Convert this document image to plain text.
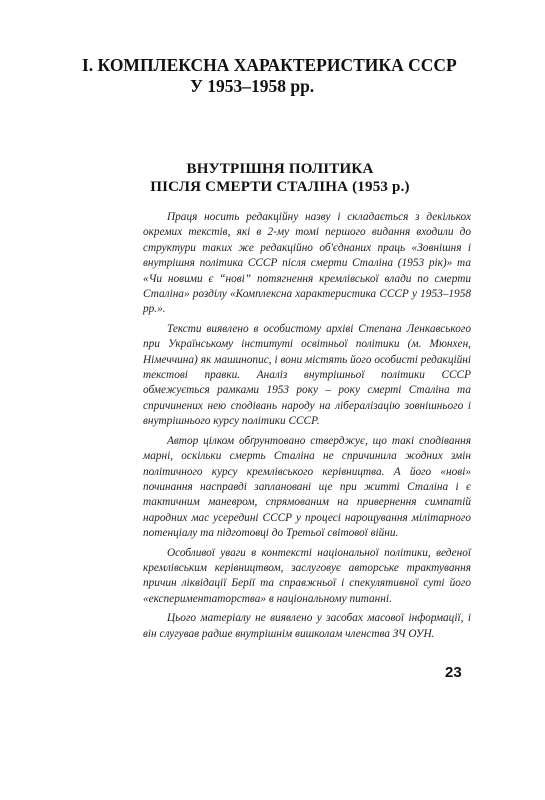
І. КОМПЛЕКСНА ХАРАКТЕРИСТИКА СССР
У 1953–1958 рр.
ВНУТРІШНЯ ПОЛІТИКА
ПІСЛЯ СМЕРТИ СТАЛІНА (1953 р.)

Праця носить редакційну назву і складається з декількох окремих текстів, які в 2-му томі першого видання входили до структури таких же редакційно об'єднаних праць «Зовнішня і внутрішня політика СССР після смерти Сталіна (1953 рік)» та «Чи новими є “нові” потягнення кремлівської влади по смерти Сталіна» розділу «Комплексна характеристика СССР у 1953–1958 рр.».

Тексти виявлено в особистому архіві Степана Ленкавського при Українському інституті освітньої політики (м. Мюнхен, Німеччина) як машинопис, і вони містять його особисті редакційні текстові правки. Аналіз внутрішньої політики СССР обмежується рамками 1953 року – року смерті Сталіна та спричинених нею сподівань народу на лібералізацію зовнішнього і внутрішнього курсу політики СССР.

Автор цілком обґрунтовано стверджує, що такі сподівання марні, оскільки смерть Сталіна не спричинила жодних змін політичного курсу кремлівського керівництва. А його «нові» починання насправді заплановані ще при житті Сталіна і є тактичним маневром, спрямованим на привернення симпатій народних мас усередині СССР у процесі нарощування мілітарного потенціалу та підготовці до Третьої світової війни.

Особливої уваги в контексті національної політики, веденої кремлівським керівництвом, заслуговує авторське трактування причин ліквідації Берії та справжньої і спекулятивної суті його «експериментаторства» в національному питанні.

Цього матеріалу не виявлено у засобах масової інформації, і він слугував радше внутрішнім вишколам членства ЗЧ ОУН.

23
